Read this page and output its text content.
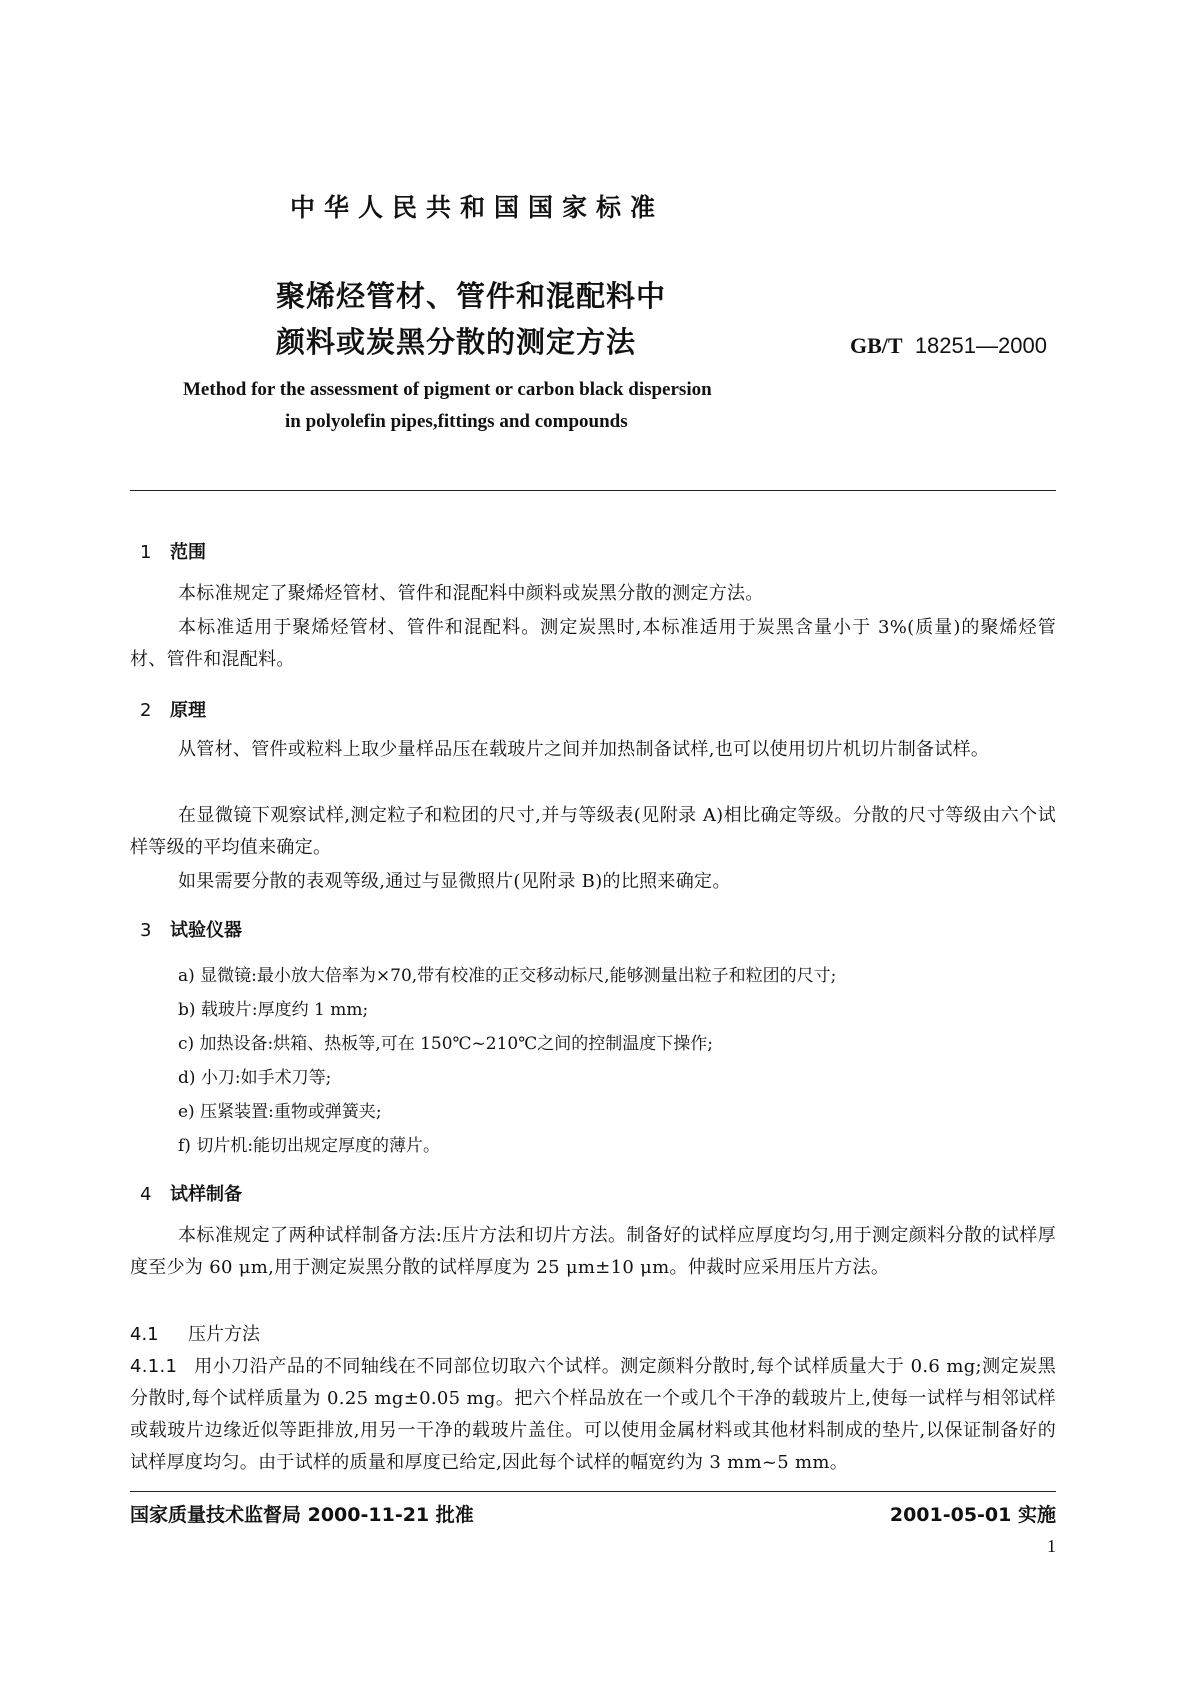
中华人民共和国国家标准
聚烯烃管材、管件和混配料中
颜料或炭黑分散的测定方法	GB/T 18251—2000
Method for the assessment of pigment or carbon black dispersion
in polyolefin pipes,fittings and compounds
1 范围
本标准规定了聚烯烃管材、管件和混配料中颜料或炭黑分散的测定方法。
本标准适用于聚烯烃管材、管件和混配料。测定炭黑时,本标准适用于炭黑含量小于 3%(质量)的聚烯烃管材、管件和混配料。
2 原理
从管材、管件或粒料上取少量样品压在载玻片之间并加热制备试样,也可以使用切片机切片制备试样。
在显微镜下观察试样,测定粒子和粒团的尺寸,并与等级表(见附录 A)相比确定等级。分散的尺寸等级由六个试样等级的平均值来确定。
如果需要分散的表观等级,通过与显微照片(见附录 B)的比照来确定。
3 试验仪器
a) 显微镜:最小放大倍率为×70,带有校准的正交移动标尺,能够测量出粒子和粒团的尺寸;
b) 载玻片:厚度约 1 mm;
c) 加热设备:烘箱、热板等,可在 150℃~210℃之间的控制温度下操作;
d) 小刀:如手术刀等;
e) 压紧装置:重物或弹簧夹;
f) 切片机:能切出规定厚度的薄片。
4 试样制备
本标准规定了两种试样制备方法:压片方法和切片方法。制备好的试样应厚度均匀,用于测定颜料分散的试样厚度至少为 60 μm,用于测定炭黑分散的试样厚度为 25 μm±10 μm。仲裁时应采用压片方法。
4.1 压片方法
4.1.1 用小刀沿产品的不同轴线在不同部位切取六个试样。测定颜料分散时,每个试样质量大于 0.6 mg;测定炭黑分散时,每个试样质量为 0.25 mg±0.05 mg。把六个样品放在一个或几个干净的载玻片上,使每一试样与相邻试样或载玻片边缘近似等距排放,用另一干净的载玻片盖住。可以使用金属材料或其他材料制成的垫片,以保证制备好的试样厚度均匀。由于试样的质量和厚度已给定,因此每个试样的幅宽约为 3 mm~5 mm。
国家质量技术监督局 2000-11-21 批准	2001-05-01 实施
1
